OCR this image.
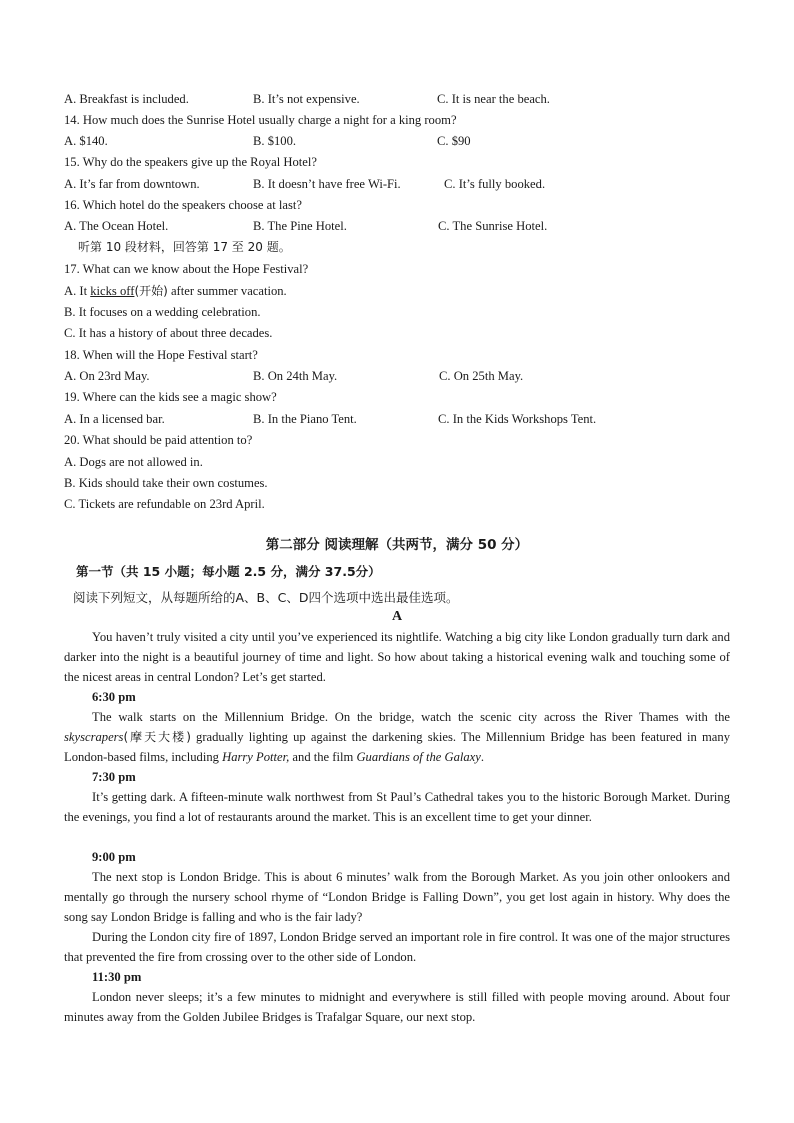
A. Breakfast is included.	B. It’s not expensive.	C. It is near the beach.
14. How much does the Sunrise Hotel usually charge a night for a king room?
A. $140.	B. $100.	C. $90
15. Why do the speakers give up the Royal Hotel?
A. It’s far from downtown.	B. It doesn’t have free Wi-Fi.	C. It’s fully booked.
16. Which hotel do the speakers choose at last?
A. The Ocean Hotel.	B. The Pine Hotel.	C. The Sunrise Hotel.
听第 10 段材料，回答第 17 至 20 题。
17. What can we know about the Hope Festival?
A. It kicks off(开始) after summer vacation.
B. It focuses on a wedding celebration.
C. It has a history of about three decades.
18. When will the Hope Festival start?
A. On 23rd May.	B. On 24th May.	C. On 25th May.
19. Where can the kids see a magic show?
A. In a licensed bar.	B. In the Piano Tent.	C. In the Kids Workshops Tent.
20. What should be paid attention to?
A. Dogs are not allowed in.
B. Kids should take their own costumes.
C. Tickets are refundable on 23rd April.
第二部分 阅读理解（共两节，满分 50 分）
第一节（共 15 小题；每小题 2.5 分，满分 37.5分）
阅读下列短文，从每题所给的A、B、C、D四个选项中选出最佳选项。
A
You haven’t truly visited a city until you’ve experienced its nightlife. Watching a big city like London gradually turn dark and darker into the night is a beautiful journey of time and light. So how about taking a historical evening walk and touching some of the nicest areas in central London? Let’s get started.
6:30 pm
The walk starts on the Millennium Bridge. On the bridge, watch the scenic city across the River Thames with the skyscrapers(摩天大楼) gradually lighting up against the darkening skies. The Millennium Bridge has been featured in many London-based films, including Harry Potter, and the film Guardians of the Galaxy.
7:30 pm
It’s getting dark. A fifteen-minute walk northwest from St Paul’s Cathedral takes you to the historic Borough Market. During the evenings, you find a lot of restaurants around the market. This is an excellent time to get your dinner.
9:00 pm
The next stop is London Bridge. This is about 6 minutes’ walk from the Borough Market. As you join other onlookers and mentally go through the nursery school rhyme of “London Bridge is Falling Down”, you get lost again in history. Why does the song say London Bridge is falling and who is the fair lady?
During the London city fire of 1897, London Bridge served an important role in fire control. It was one of the major structures that prevented the fire from crossing over to the other side of London.
11:30 pm
London never sleeps; it’s a few minutes to midnight and everywhere is still filled with people moving around. About four minutes away from the Golden Jubilee Bridges is Trafalgar Square, our next stop.
